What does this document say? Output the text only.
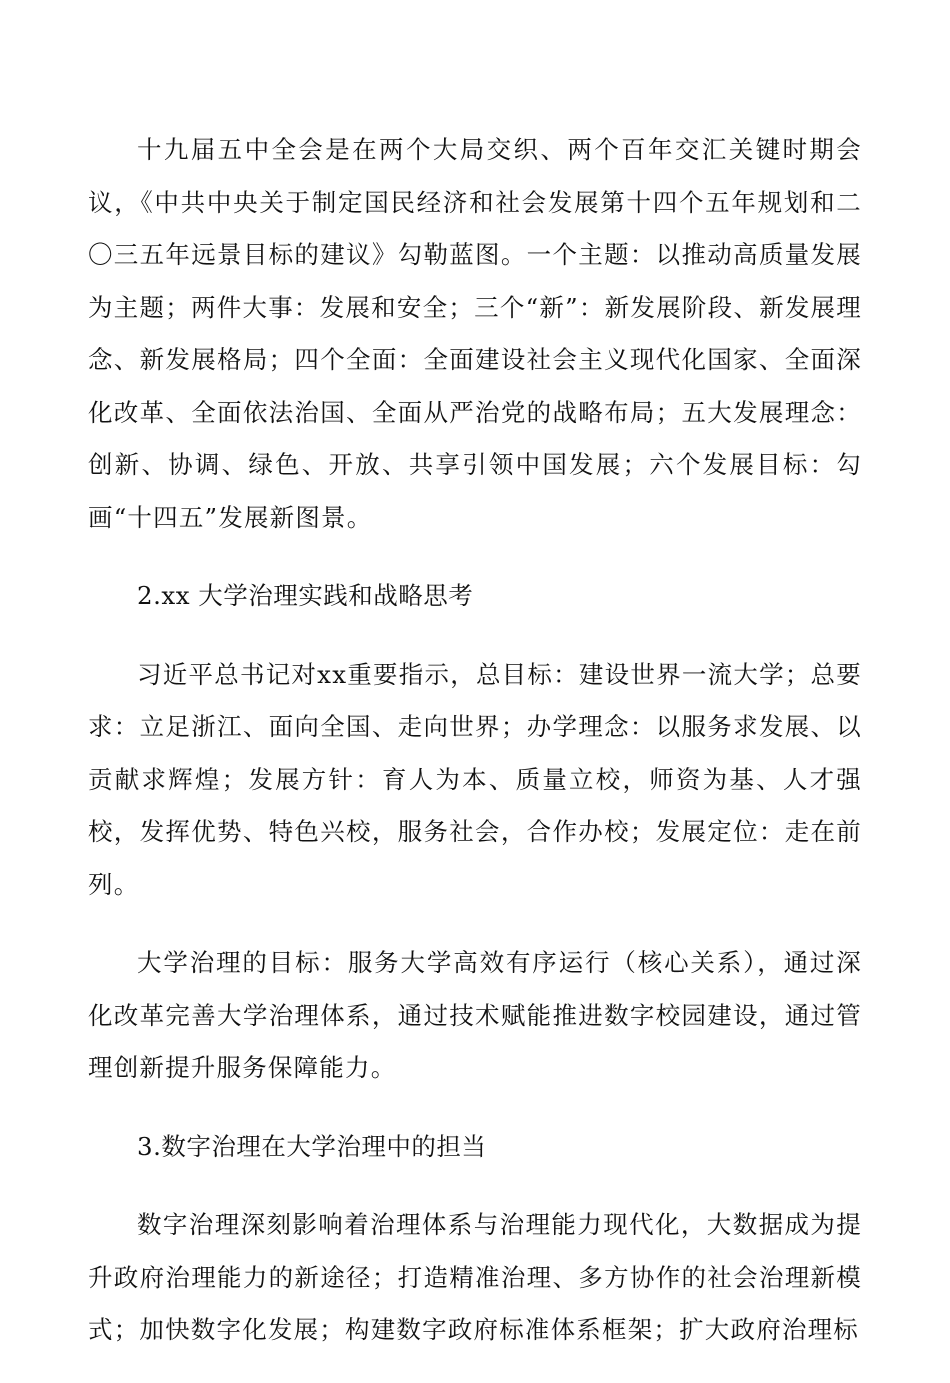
十九届五中全会是在两个大局交织、两个百年交汇关键时期会议，《中共中央关于制定国民经济和社会发展第十四个五年规划和二〇三五年远景目标的建议》勾勒蓝图。一个主题：以推动高质量发展为主题；两件大事：发展和安全；三个“新”：新发展阶段、新发展理念、新发展格局；四个全面：全面建设社会主义现代化国家、全面深化改革、全面依法治国、全面从严治党的战略布局；五大发展理念：创新、协调、绿色、开放、共享引领中国发展；六个发展目标：勾画“十四五”发展新图景。

2.xx 大学治理实践和战略思考

习近平总书记对xx重要指示，总目标：建设世界一流大学；总要求：立足浙江、面向全国、走向世界；办学理念：以服务求发展、以贡献求辉煌；发展方针：育人为本、质量立校，师资为基、人才强校，发挥优势、特色兴校，服务社会，合作办校；发展定位：走在前列。

大学治理的目标：服务大学高效有序运行（核心关系），通过深化改革完善大学治理体系，通过技术赋能推进数字校园建设，通过管理创新提升服务保障能力。

3.数字治理在大学治理中的担当

数字治理深刻影响着治理体系与治理能力现代化，大数据成为提升政府治理能力的新途径；打造精准治理、多方协作的社会治理新模式；加快数字化发展；构建数字政府标准体系框架；扩大政府治理标
